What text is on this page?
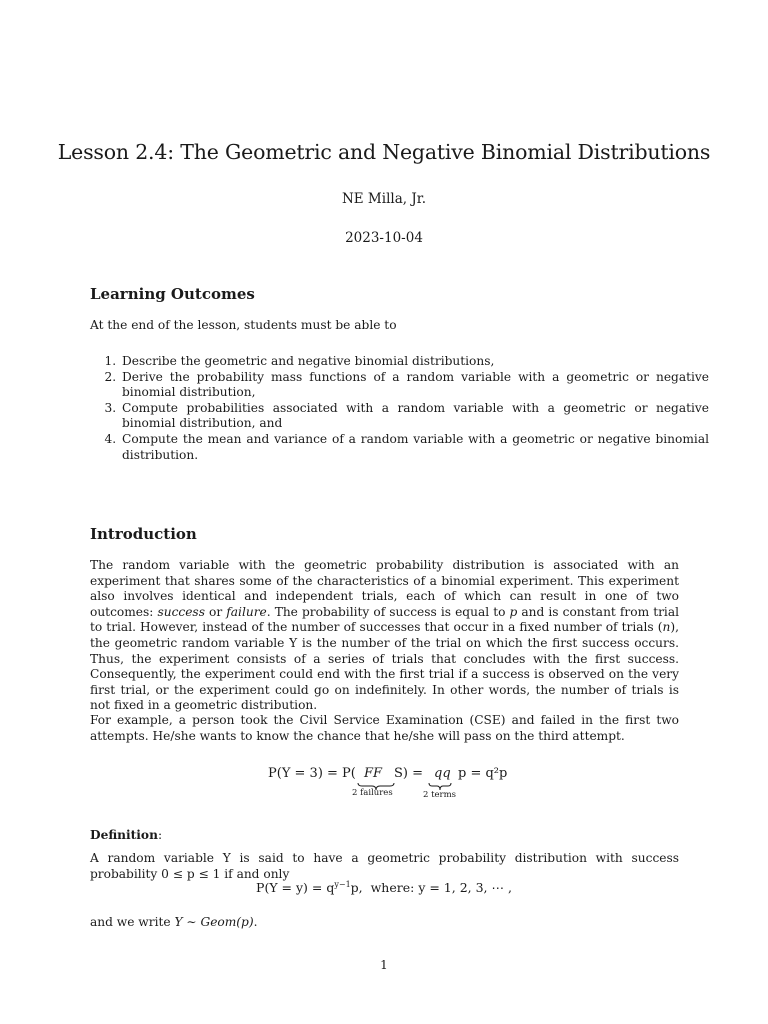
Lesson 2.4: The Geometric and Negative Binomial Distributions
NE Milla, Jr.
2023-10-04
Learning Outcomes

At the end of the lesson, students must be able to

1. Describe the geometric and negative binomial distributions,
2. Derive the probability mass functions of a random variable with a geometric or negative binomial distribution,
3. Compute probabilities associated with a random variable with a geometric or negative binomial distribution, and
4. Compute the mean and variance of a random variable with a geometric or negative binomial distribution.
Introduction

The random variable with the geometric probability distribution is associated with an experiment that shares some of the characteristics of a binomial experiment. This experiment also involves identical and independent trials, each of which can result in one of two outcomes: success or failure. The probability of success is equal to p and is constant from trial to trial. However, instead of the number of successes that occur in a fixed number of trials (n), the geometric random variable Y is the number of the trial on which the first success occurs. Thus, the experiment consists of a series of trials that concludes with the first success. Consequently, the experiment could end with the first trial if a success is observed on the very first trial, or the experiment could go on indefinitely. In other words, the number of trials is not fixed in a geometric distribution.

For example, a person took the Civil Service Examination (CSE) and failed in the first two attempts. He/she wants to know the chance that he/she will pass on the third attempt.

P(Y = 3) = P( FF S) = qq p = q²p
2 failures	2 terms
Definition:

A random variable Y is said to have a geometric probability distribution with success probability 0 ≤ p ≤ 1 if and only

$P(Y = y) = q^{y-1}p$, where: y = 1, 2, 3, ⋯ ,

and we write Y ∼ Geom(p).

1
